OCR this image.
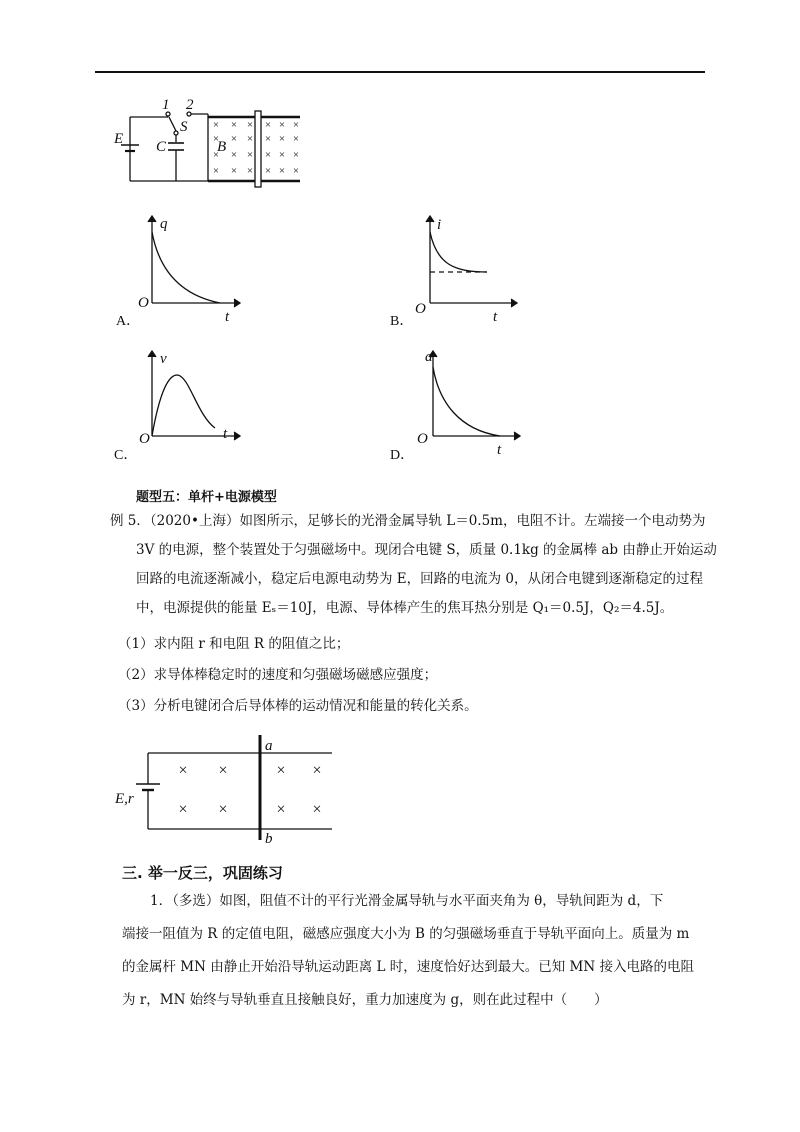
× × × × × ×
× × × × × ×
× × × × × ×
× × × × × ×
1 2
S
E C	B
q
O
t
A．
i
O	t
B．
v
O	t
C．
a
O
t
D．
题型五：单杆+电源模型
例 5．（2020•上海）如图所示，足够长的光滑金属导轨 L＝0.5m，电阻不计。左端接一个电动势为
3V 的电源，整个装置处于匀强磁场中。现闭合电键 S，质量 0.1kg 的金属棒 ab 由静止开始运动
回路的电流逐渐减小，稳定后电源电动势为 E，回路的电流为 0，从闭合电键到逐渐稳定的过程
中，电源提供的能量 Eₛ＝10J，电源、导体棒产生的焦耳热分别是 Q₁＝0.5J，Q₂＝4.5J。
（1）求内阻 r 和电阻 R 的阻值之比；
（2）求导体棒稳定时的速度和匀强磁场磁感应强度；
（3）分析电键闭合后导体棒的运动情况和能量的转化关系。
× ×	× ×
× ×	× ×
a
b
E,r
三. 举一反三，巩固练习
1．（多选）如图，阻值不计的平行光滑金属导轨与水平面夹角为 θ，导轨间距为 d，下
端接一阻值为 R 的定值电阻，磁感应强度大小为 B 的匀强磁场垂直于导轨平面向上。质量为 m
的金属杆 MN 由静止开始沿导轨运动距离 L 时，速度恰好达到最大。已知 MN 接入电路的电阻
为 r，MN 始终与导轨垂直且接触良好，重力加速度为 g，则在此过程中（　　）
